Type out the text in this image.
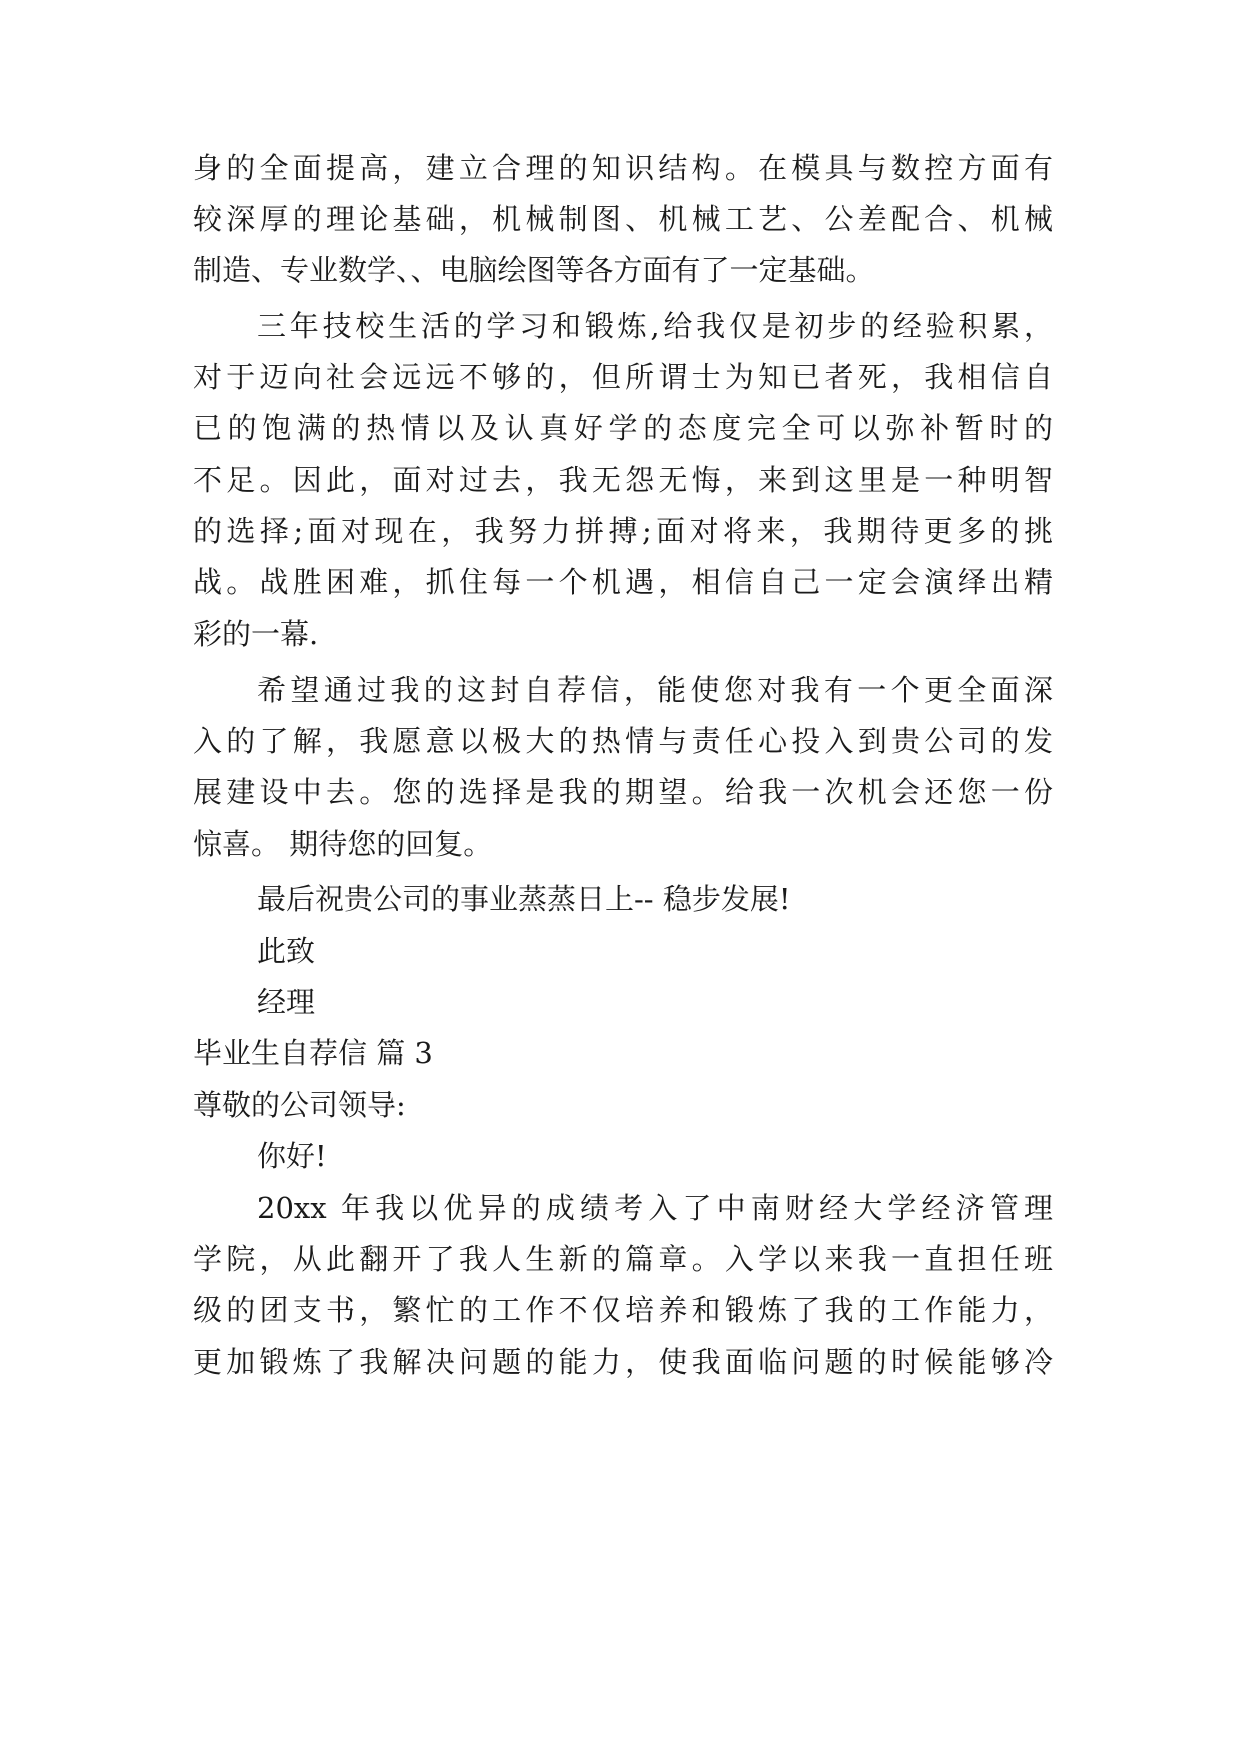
身的全面提高，建立合理的知识结构。在模具与数控方面有
较深厚的理论基础，机械制图、机械工艺、公差配合、机械
制造、专业数学、、电脑绘图等各方面有了一定基础。
三年技校生活的学习和锻炼,给我仅是初步的经验积累，
对于迈向社会远远不够的，但所谓士为知已者死，我相信自
已的饱满的热情以及认真好学的态度完全可以弥补暂时的
不足。因此，面对过去，我无怨无悔，来到这里是一种明智
的选择;面对现在，我努力拼搏;面对将来，我期待更多的挑
战。战胜困难，抓住每一个机遇，相信自己一定会演绎出精
彩的一幕.
希望通过我的这封自荐信，能使您对我有一个更全面深
入的了解，我愿意以极大的热情与责任心投入到贵公司的发
展建设中去。您的选择是我的期望。给我一次机会还您一份
惊喜。 期待您的回复。
最后祝贵公司的事业蒸蒸日上-- 稳步发展!
此致
经理
毕业生自荐信 篇 3
尊敬的公司领导:
你好!
20xx 年我以优异的成绩考入了中南财经大学经济管理
学院，从此翻开了我人生新的篇章。入学以来我一直担任班
级的团支书，繁忙的工作不仅培养和锻炼了我的工作能力，
更加锻炼了我解决问题的能力，使我面临问题的时候能够冷
